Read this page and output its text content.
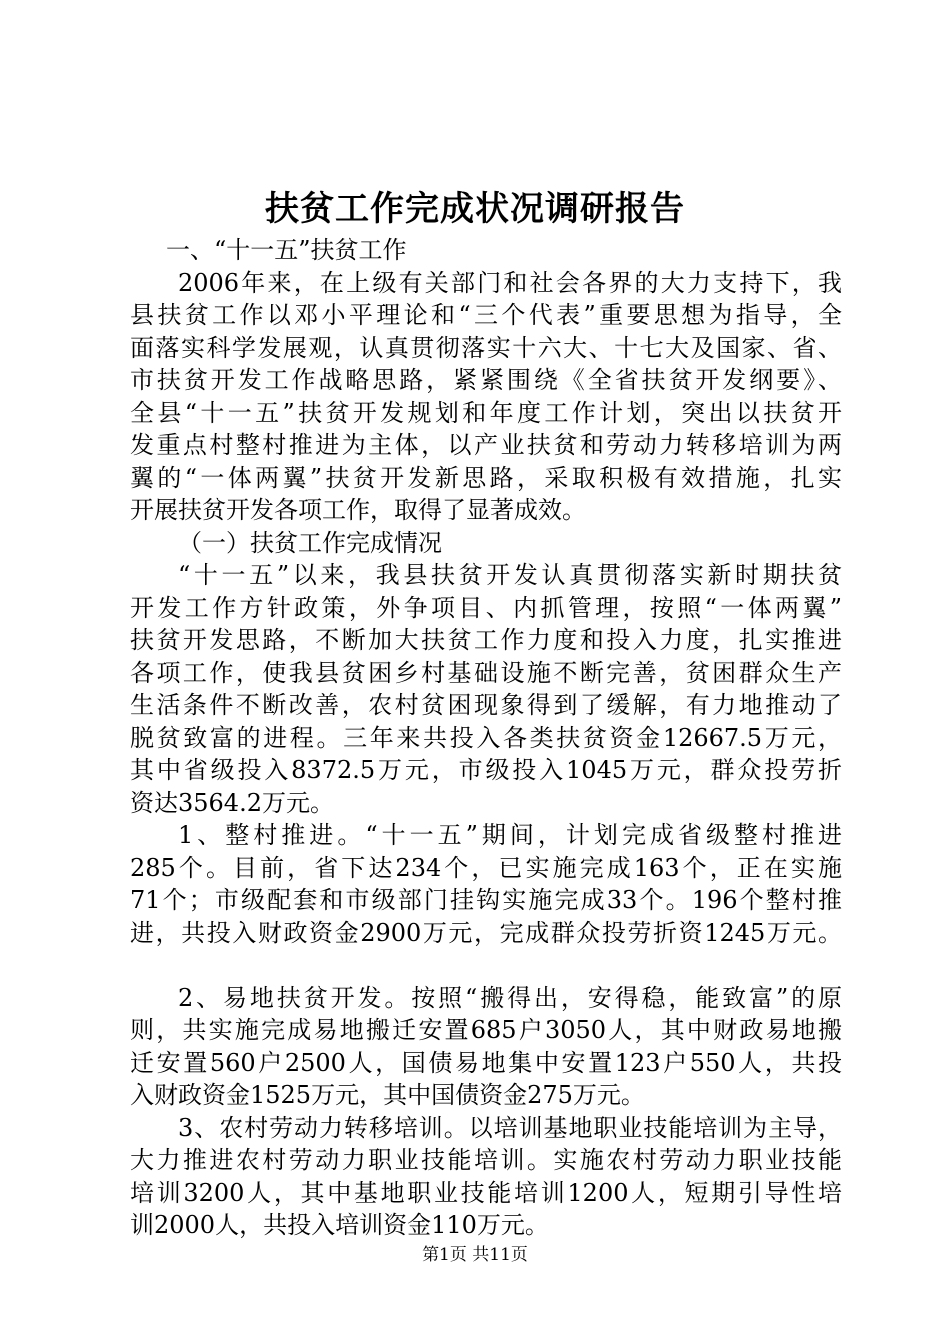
扶贫工作完成状况调研报告
一、“十一五”扶贫工作
2006年来，在上级有关部门和社会各界的大力支持下，我
县扶贫工作以邓小平理论和“三个代表”重要思想为指导，全
面落实科学发展观，认真贯彻落实十六大、十七大及国家、省、
市扶贫开发工作战略思路，紧紧围绕《全省扶贫开发纲要》、
全县“十一五”扶贫开发规划和年度工作计划，突出以扶贫开
发重点村整村推进为主体，以产业扶贫和劳动力转移培训为两
翼的“一体两翼”扶贫开发新思路，采取积极有效措施，扎实
开展扶贫开发各项工作，取得了显著成效。
（一）扶贫工作完成情况
“十一五”以来，我县扶贫开发认真贯彻落实新时期扶贫
开发工作方针政策，外争项目、内抓管理，按照“一体两翼”
扶贫开发思路，不断加大扶贫工作力度和投入力度，扎实推进
各项工作，使我县贫困乡村基础设施不断完善，贫困群众生产
生活条件不断改善，农村贫困现象得到了缓解，有力地推动了
脱贫致富的进程。三年来共投入各类扶贫资金12667.5万元，
其中省级投入8372.5万元，市级投入1045万元，群众投劳折
资达3564.2万元。
1、整村推进。“十一五”期间，计划完成省级整村推进
285个。目前，省下达234个，已实施完成163个，正在实施
71个；市级配套和市级部门挂钩实施完成33个。196个整村推
进，共投入财政资金2900万元，完成群众投劳折资1245万元。
2、易地扶贫开发。按照“搬得出，安得稳，能致富”的原
则，共实施完成易地搬迁安置685户3050人，其中财政易地搬
迁安置560户2500人，国债易地集中安置123户550人，共投
入财政资金1525万元，其中国债资金275万元。
3、农村劳动力转移培训。以培训基地职业技能培训为主导，
大力推进农村劳动力职业技能培训。实施农村劳动力职业技能
培训3200人，其中基地职业技能培训1200人，短期引导性培
训2000人，共投入培训资金110万元。
第1页 共11页
